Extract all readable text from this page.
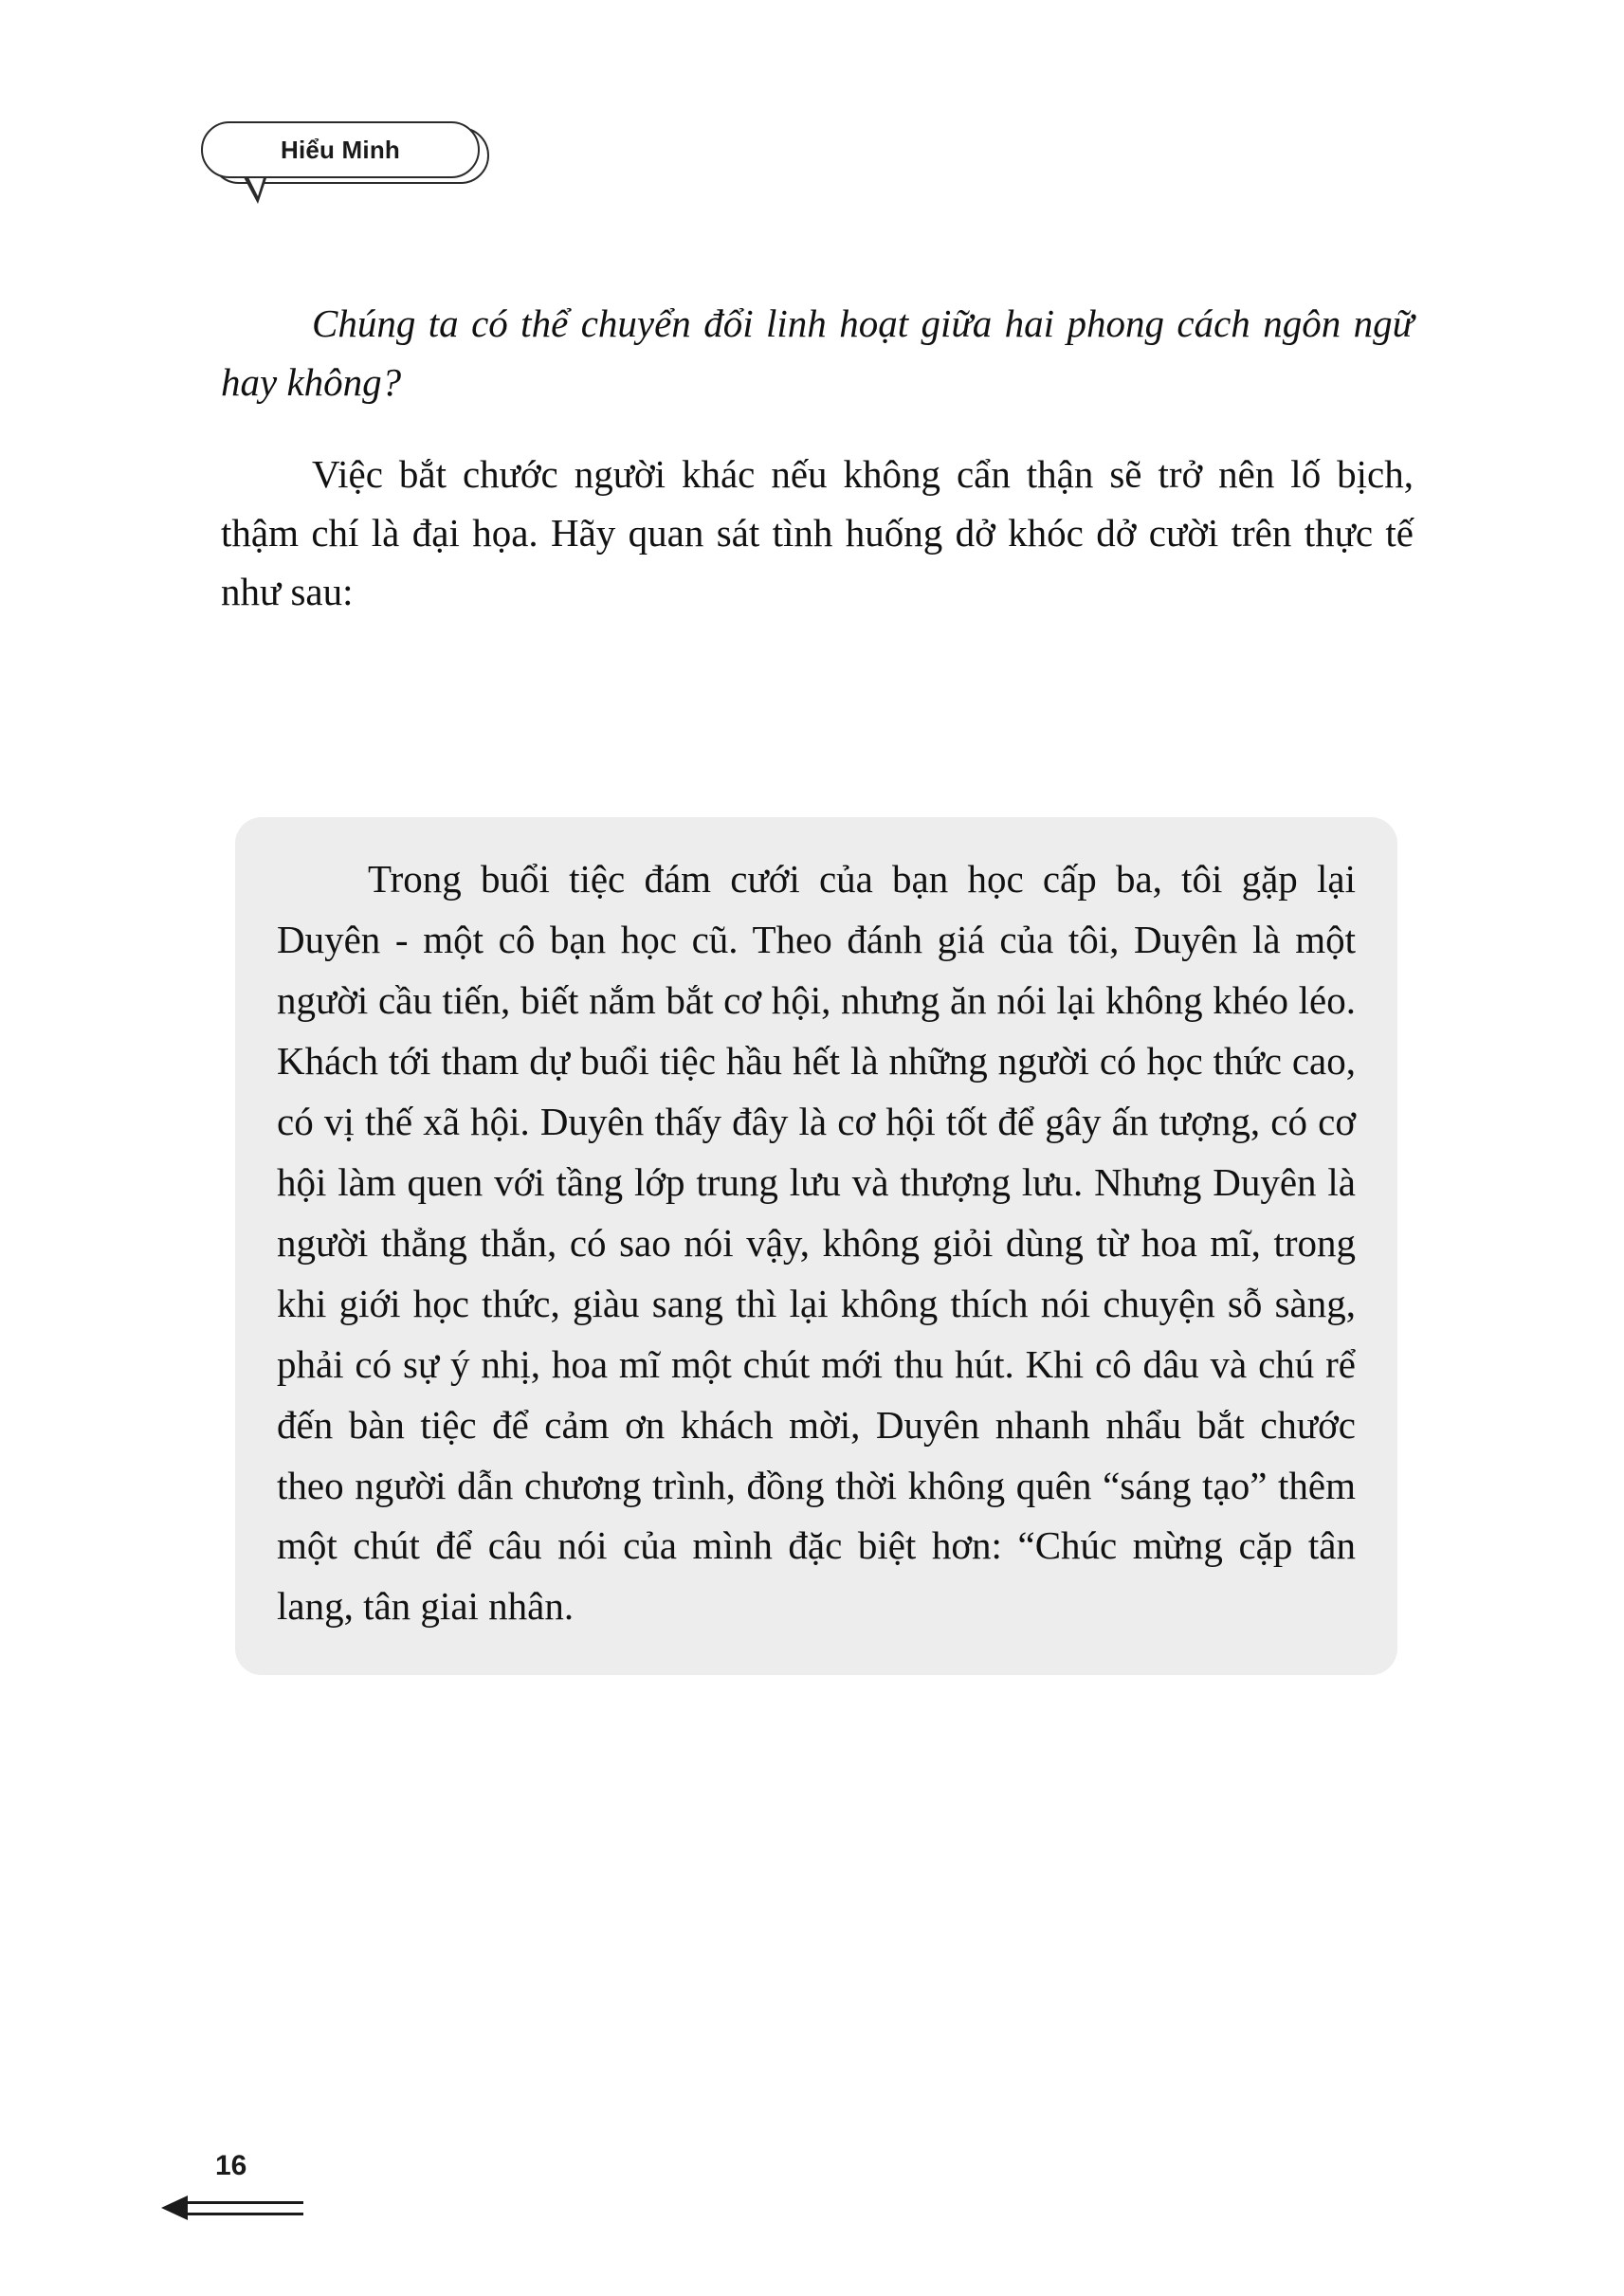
Hiểu Minh

Chúng ta có thể chuyển đổi linh hoạt giữa hai phong cách ngôn ngữ hay không?

Việc bắt chước người khác nếu không cẩn thận sẽ trở nên lố bịch, thậm chí là đại họa. Hãy quan sát tình huống dở khóc dở cười trên thực tế như sau:

Trong buổi tiệc đám cưới của bạn học cấp ba, tôi gặp lại Duyên - một cô bạn học cũ. Theo đánh giá của tôi, Duyên là một người cầu tiến, biết nắm bắt cơ hội, nhưng ăn nói lại không khéo léo. Khách tới tham dự buổi tiệc hầu hết là những người có học thức cao, có vị thế xã hội. Duyên thấy đây là cơ hội tốt để gây ấn tượng, có cơ hội làm quen với tầng lớp trung lưu và thượng lưu. Nhưng Duyên là người thẳng thắn, có sao nói vậy, không giỏi dùng từ hoa mĩ, trong khi giới học thức, giàu sang thì lại không thích nói chuyện sỗ sàng, phải có sự ý nhị, hoa mĩ một chút mới thu hút. Khi cô dâu và chú rể đến bàn tiệc để cảm ơn khách mời, Duyên nhanh nhẩu bắt chước theo người dẫn chương trình, đồng thời không quên “sáng tạo” thêm một chút để câu nói của mình đặc biệt hơn: “Chúc mừng cặp tân lang, tân giai nhân.

16
